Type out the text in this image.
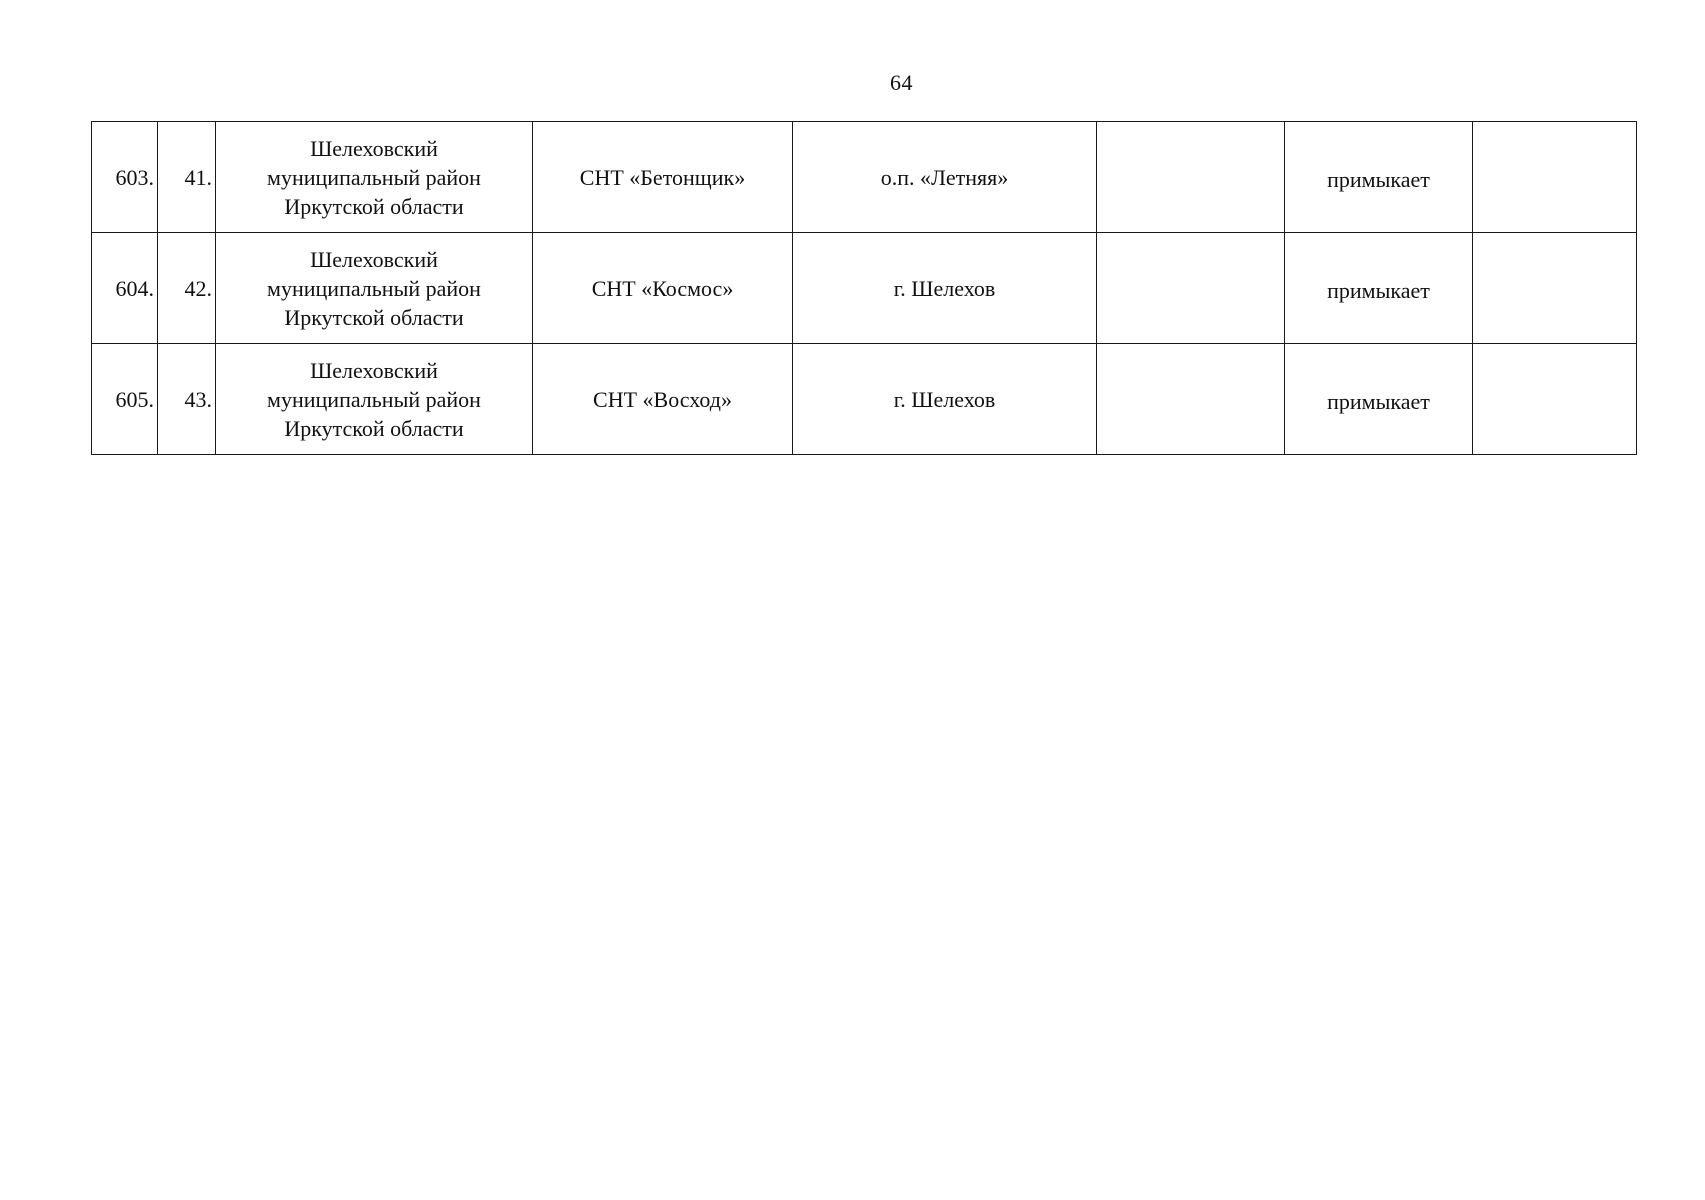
64
603.	41.	Шелеховский
муниципальный район
Иркутской области	СНТ «Бетонщик»	о.п. «Летняя»		примыкает	
604.	42.	Шелеховский
муниципальный район
Иркутской области	СНТ «Космос»	г. Шелехов		примыкает	
605.	43.	Шелеховский
муниципальный район
Иркутской области	СНТ «Восход»	г. Шелехов		примыкает	
